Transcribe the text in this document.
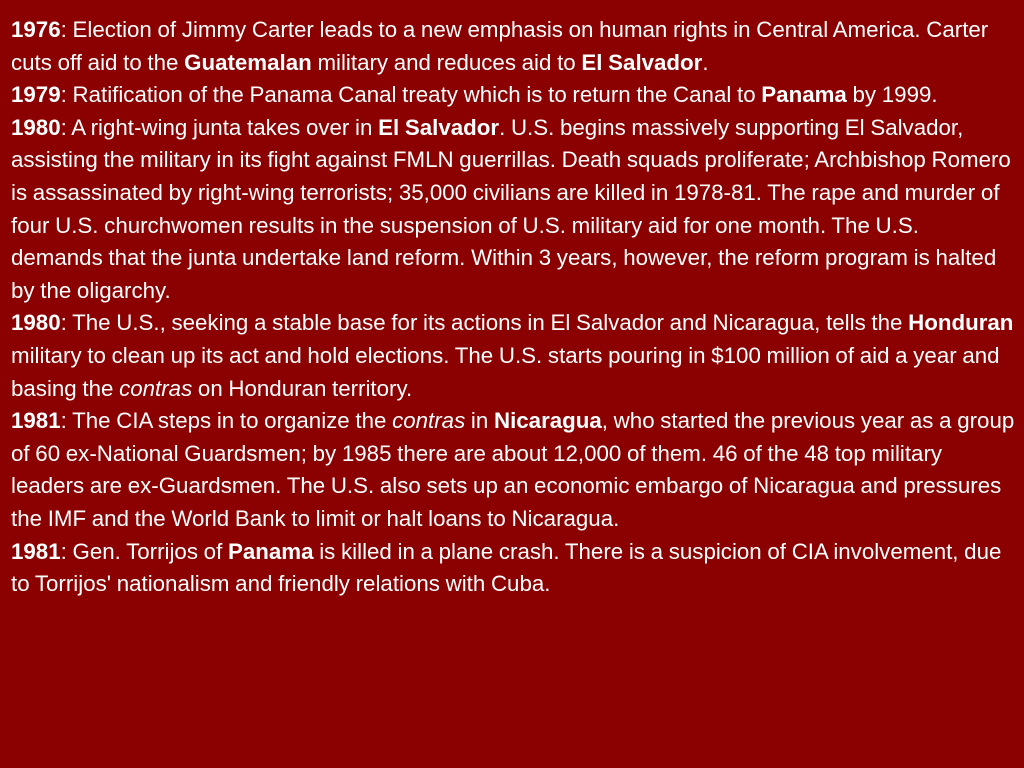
1976: Election of Jimmy Carter leads to a new emphasis on human rights in Central America. Carter cuts off aid to the Guatemalan military and reduces aid to El Salvador.

1979: Ratification of the Panama Canal treaty which is to return the Canal to Panama by 1999.

1980: A right-wing junta takes over in El Salvador. U.S. begins massively supporting El Salvador, assisting the military in its fight against FMLN guerrillas. Death squads proliferate; Archbishop Romero is assassinated by right-wing terrorists; 35,000 civilians are killed in 1978-81. The rape and murder of four U.S. churchwomen results in the suspension of U.S. military aid for one month. The U.S. demands that the junta undertake land reform. Within 3 years, however, the reform program is halted by the oligarchy.

1980: The U.S., seeking a stable base for its actions in El Salvador and Nicaragua, tells the Honduran military to clean up its act and hold elections. The U.S. starts pouring in $100 million of aid a year and basing the contras on Honduran territory.

1981: The CIA steps in to organize the contras in Nicaragua, who started the previous year as a group of 60 ex-National Guardsmen; by 1985 there are about 12,000 of them. 46 of the 48 top military leaders are ex-Guardsmen. The U.S. also sets up an economic embargo of Nicaragua and pressures the IMF and the World Bank to limit or halt loans to Nicaragua.

1981: Gen. Torrijos of Panama is killed in a plane crash. There is a suspicion of CIA involvement, due to Torrijos' nationalism and friendly relations with Cuba.
